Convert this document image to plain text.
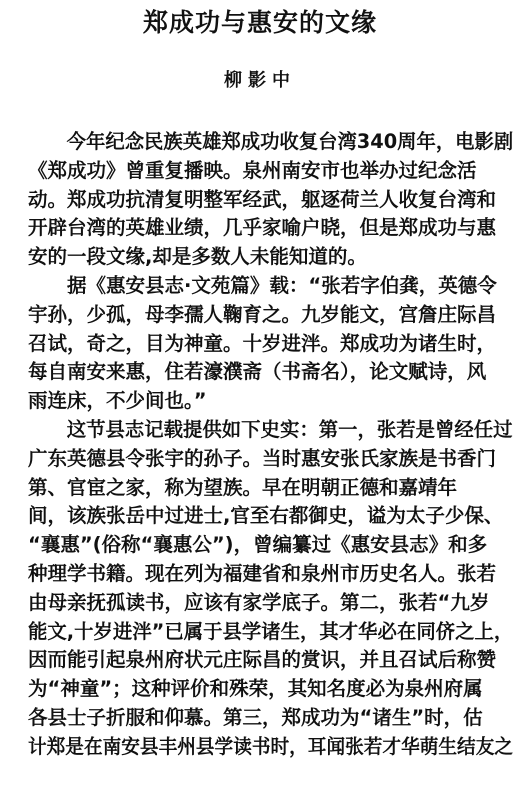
郑成功与惠安的文缘
柳影中
　　今年纪念民族英雄郑成功收复台湾340周年，电影剧
《郑成功》曾重复播映。泉州南安市也举办过纪念活
动。郑成功抗清复明整军经武，躯逐荷兰人收复台湾和
开辟台湾的英雄业绩，几乎家喻户晓，但是郑成功与惠
安的一段文缘,却是多数人未能知道的。
　　据《惠安县志·文苑篇》载：“张若字伯龚，英德令
宇孙，少孤，母李孺人鞠育之。九岁能文，宫詹庄际昌
召试，奇之，目为神童。十岁进泮。郑成功为诸生时，
每自南安来惠，住若濠濮斋（书斋名），论文赋诗，风
雨连床，不少间也。”
　　这节县志记载提供如下史实：第一，张若是曾经任过
广东英德县令张宇的孙子。当时惠安张氏家族是书香门
第、官宦之家，称为望族。早在明朝正德和嘉靖年
间，该族张岳中过进士,官至右都御史，谥为太子少保、
“襄惠”(俗称“襄惠公”)，曾编纂过《惠安县志》和多
种理学书籍。现在列为福建省和泉州市历史名人。张若
由母亲抚孤读书，应该有家学底子。第二，张若“九岁
能文,十岁进泮”已属于县学诸生，其才华必在同侪之上，
因而能引起泉州府状元庄际昌的赏识，并且召试后称赞
为“神童”；这种评价和殊荣，其知名度必为泉州府属
各县士子折服和仰慕。第三，郑成功为“诸生”时，估
计郑是在南安县丰州县学读书时，耳闻张若才华萌生结友之
